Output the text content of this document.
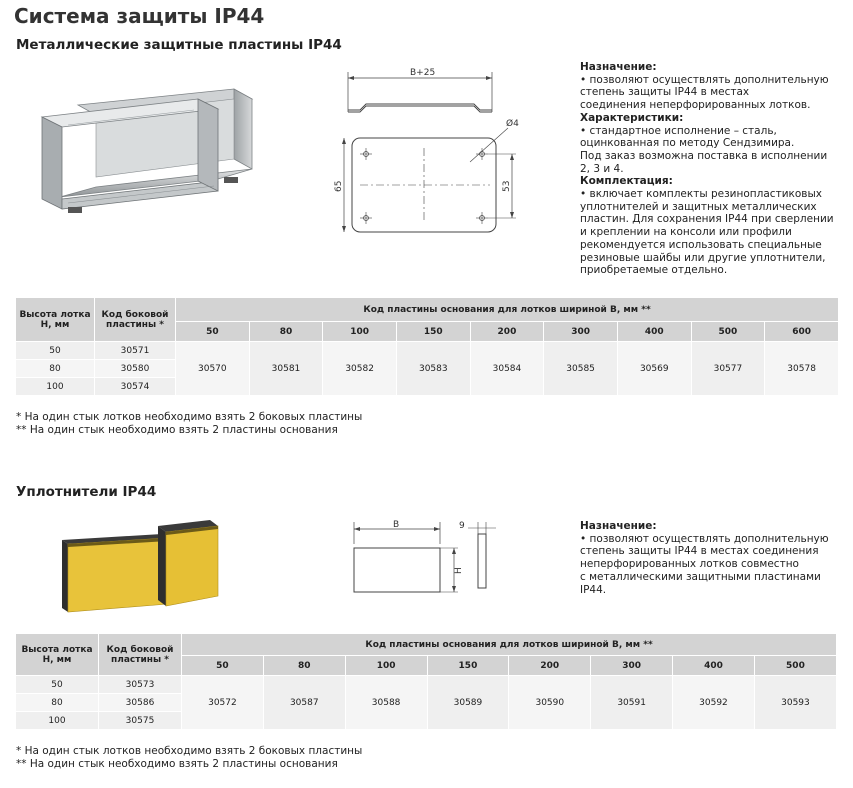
Система защиты IP44
Металлические защитные пластины IP44
B+25
Ø4
65	53

Назначение:

• позволяют осуществлять дополнительную

степень защиты IP44 в местах

соединения неперфорированных лотков.

Характеристики:

• стандартное исполнение – сталь,

оцинкованная по методу Сендзимира.

Под заказ возможна поставка в исполнении

2, 3 и 4.

Комплектация:

• включает комплекты резинопластиковых

уплотнителей и защитных металлических

пластин. Для сохранения IP44 при сверлении

и креплении на консоли или профили

рекомендуется использовать специальные

резиновые шайбы или другие уплотнители,

приобретаемые отдельно.

Высота лотка H, мм	Код боковой пластины *	Код пластины основания для лотков шириной B, мм **								
		50	80	100	150	200	300	400	500	600
50	30571	30570	30581	30582	30583	30584	30585	30569	30577	30578
80	30580									
100	30574									
* На один стык лотков необходимо взять 2 боковых пластины
** На один стык необходимо взять 2 пластины основания
Уплотнители IP44
B
H
9	Назначение:

• позволяют осуществлять дополнительную

степень защиты IP44 в местах соединения

неперфорированных лотков совместно

с металлическими защитными пластинами

IP44.

Высота лотка H, мм	Код боковой пластины *	Код пластины основания для лотков шириной B, мм **							
		50	80	100	150	200	300	400	500
50	30573	30572	30587	30588	30589	30590	30591	30592	30593
80	30586								
100	30575								
* На один стык лотков необходимо взять 2 боковых пластины
** На один стык необходимо взять 2 пластины основания
